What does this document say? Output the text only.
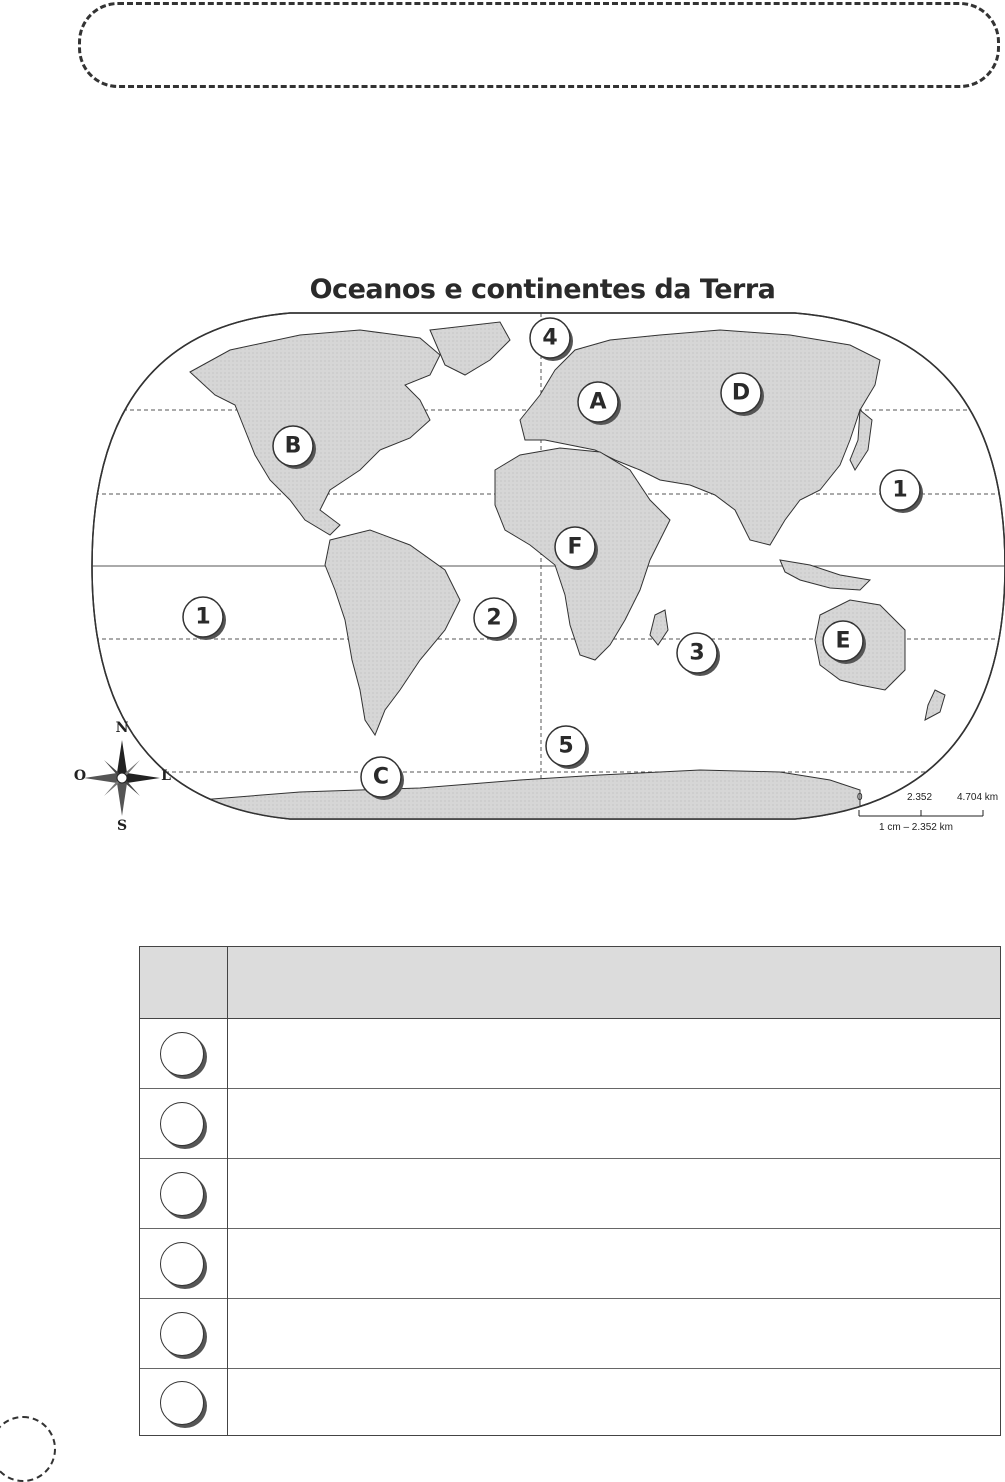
Oceanos e continentes da Terra
4
A	D
B
1
F
1	2
3	E
5
C
N
S
O	L
0	2.352 4.704 km
1 cm – 2.352 km
